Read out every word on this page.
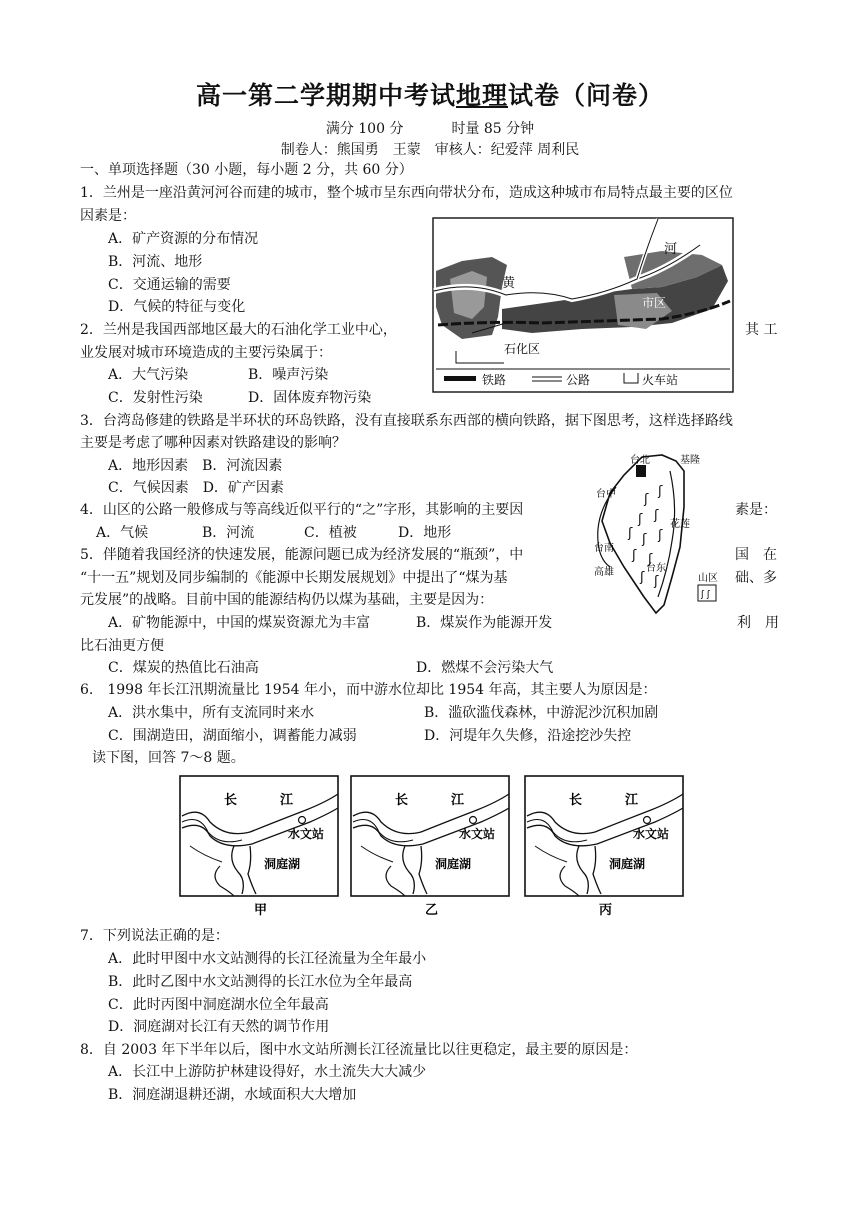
高一第二学期期中考试地理试卷（问卷）
满分 100 分	时量 85 分钟
制卷人：熊国勇　王蒙　审核人：纪爱萍 周利民
一、单项选择题（30 小题，每小题 2 分，共 60 分）
1．兰州是一座沿黄河河谷而建的城市，整个城市呈东西向带状分布，造成这种城市布局特点最主要的区位
因素是：
A．矿产资源的分布情况
B．河流、地形
C．交通运输的需要
D．气候的特征与变化
2．兰州是我国西部地区最大的石油化学工业中心，	其 工
业发展对城市环境造成的主要污染属于：
A．大气污染	B．噪声污染
C．发射性污染	D．固体废弃物污染
黄
河
市区
石化区
铁路	公路	火车站
3．台湾岛修建的铁路是半环状的环岛铁路，没有直接联系东西部的横向铁路，据下图思考，这样选择路线
主要是考虑了哪种因素对铁路建设的影响？
A．地形因素　B．河流因素
C．气候因素　D．矿产因素
ʃ
ʃ
ʃ ʃ
ʃ ʃ
ʃ ʃ
ʃ ʃ
ʃ
ʃ ʃ
台北	基隆
台中
花莲
台南
高雄	台东
山区
4．山区的公路一般修成与等高线近似平行的“之”字形，其影响的主要因	素是：
A．气候	B．河流	C．植被	D．地形
5．伴随着我国经济的快速发展，能源问题已成为经济发展的“瓶颈”，中	国　在
“十一五”规划及同步编制的《能源中长期发展规划》中提出了“煤为基	础、多
元发展”的战略。目前中国的能源结构仍以煤为基础，主要是因为：
A．矿物能源中，中国的煤炭资源尤为丰富	B．煤炭作为能源开发	利　用
比石油更方便
C．煤炭的热值比石油高	D．燃煤不会污染大气
6.　1998 年长江汛期流量比 1954 年小，而中游水位却比 1954 年高，其主要人为原因是：
A．洪水集中，所有支流同时来水	B．滥砍滥伐森林，中游泥沙沉积加剧
C．围湖造田，湖面缩小，调蓄能力减弱	D．河堤年久失修，沿途挖沙失控
读下图，回答 7～8 题。
长	江
水文站
洞庭湖
甲
长	江
水文站
洞庭湖
乙
长	江
水文站
洞庭湖
丙
7．下列说法正确的是：
A．此时甲图中水文站测得的长江径流量为全年最小
B．此时乙图中水文站测得的长江水位为全年最高
C．此时丙图中洞庭湖水位全年最高
D．洞庭湖对长江有天然的调节作用
8．自 2003 年下半年以后，图中水文站所测长江径流量比以往更稳定，最主要的原因是：
A．长江中上游防护林建设得好，水土流失大大减少
B．洞庭湖退耕还湖，水域面积大大增加
